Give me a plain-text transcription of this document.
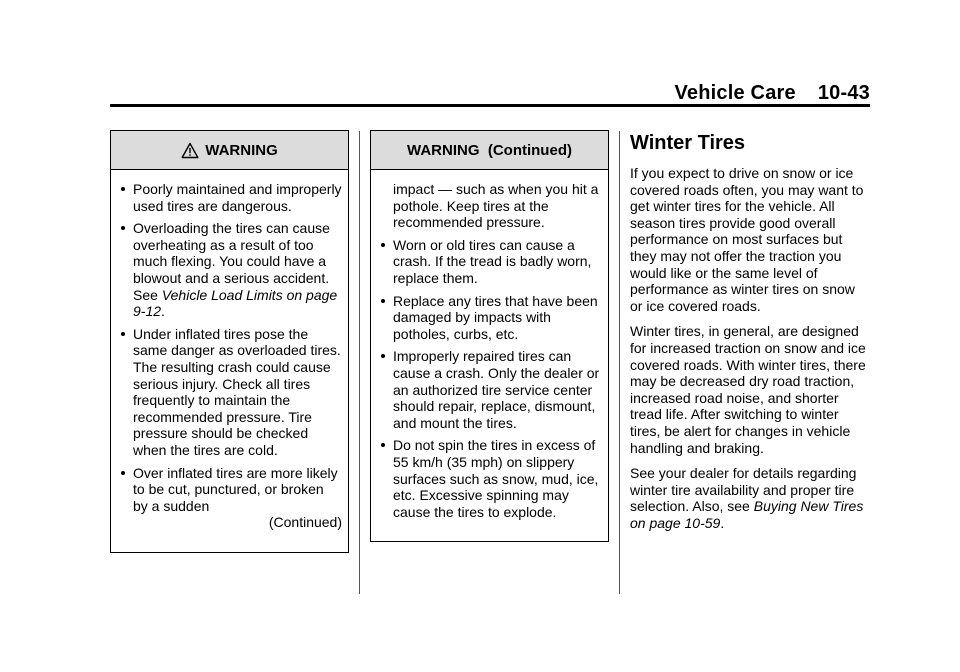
Vehicle Care 10-43
WARNING
Poorly maintained and improperly used tires are dangerous.
Overloading the tires can cause overheating as a result of too much flexing. You could have a blowout and a serious accident. See Vehicle Load Limits on page 9-12.
Under inflated tires pose the same danger as overloaded tires. The resulting crash could cause serious injury. Check all tires frequently to maintain the recommended pressure. Tire pressure should be checked when the tires are cold.
Over inflated tires are more likely to be cut, punctured, or broken by a sudden
(Continued)
WARNING  (Continued)
impact — such as when you hit a pothole. Keep tires at the recommended pressure.
Worn or old tires can cause a crash. If the tread is badly worn, replace them.
Replace any tires that have been damaged by impacts with potholes, curbs, etc.
Improperly repaired tires can cause a crash. Only the dealer or an authorized tire service center should repair, replace, dismount, and mount the tires.
Do not spin the tires in excess of 55 km/h (35 mph) on slippery surfaces such as snow, mud, ice, etc. Excessive spinning may cause the tires to explode.
Winter Tires

If you expect to drive on snow or ice covered roads often, you may want to get winter tires for the vehicle. All season tires provide good overall performance on most surfaces but they may not offer the traction you would like or the same level of performance as winter tires on snow or ice covered roads.

Winter tires, in general, are designed for increased traction on snow and ice covered roads. With winter tires, there may be decreased dry road traction, increased road noise, and shorter tread life. After switching to winter tires, be alert for changes in vehicle handling and braking.

See your dealer for details regarding winter tire availability and proper tire selection. Also, see Buying New Tires on page 10-59.
